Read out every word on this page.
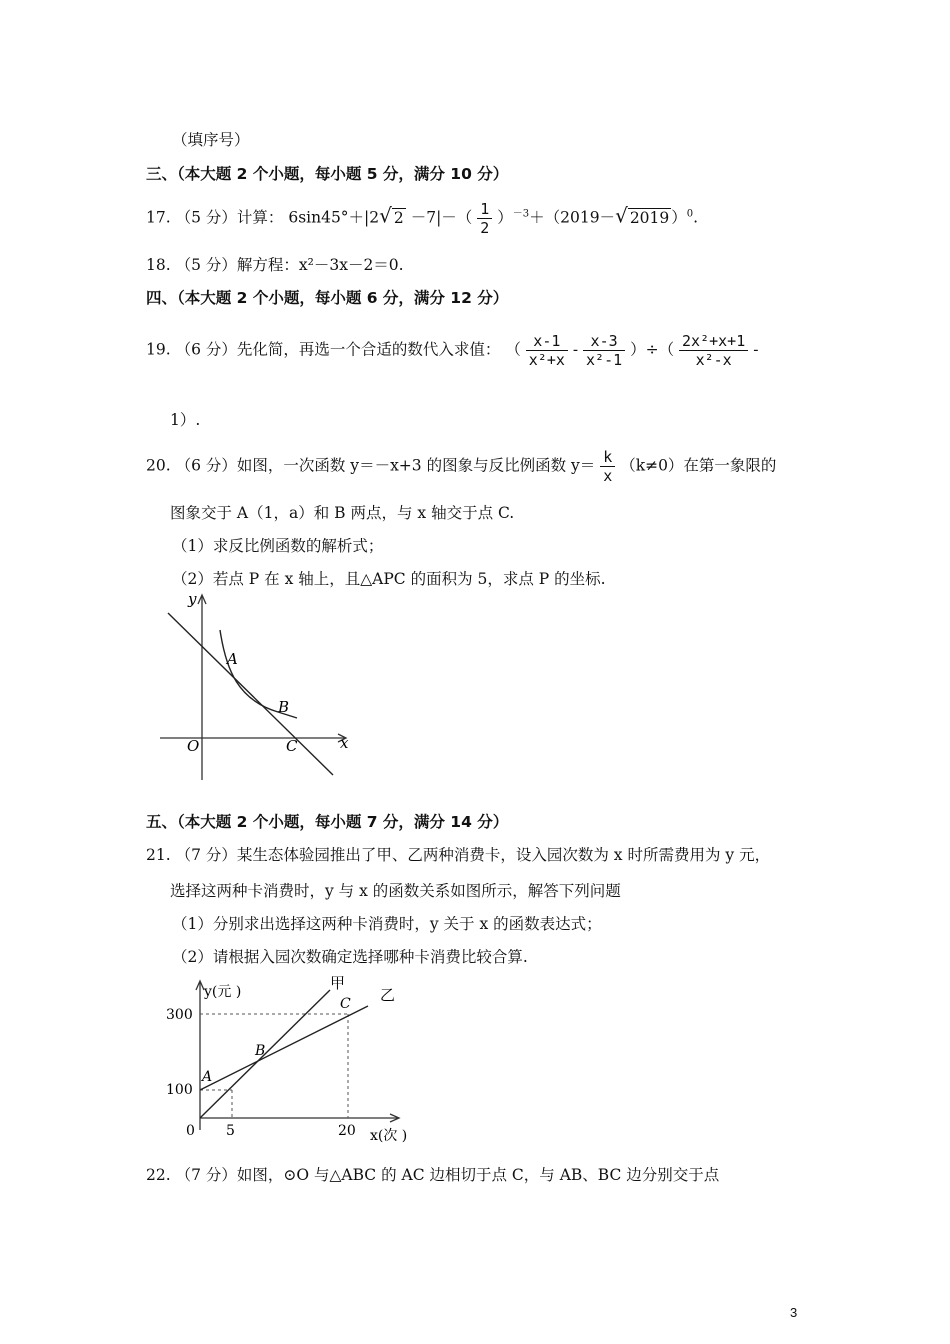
（填序号）
三、（本大题 2 个小题，每小题 5 分，满分 10 分）
17. （5 分）计算： 6sin45°＋|2√ $2 -7|-( \frac{1}{2} )^{-3}+(2019-√$ 2019 ）$^0$.
18. （5 分）解方程：x²－3x－2＝0.
四、（本大题 2 个小题，每小题 6 分，满分 12 分）
19. （6 分）先化简，再选一个合适的数代入求值： （ $\frac{x-1}{\text{x²+x}} - \frac{x-3}{\text{x²-1}}$ ）÷（ $\frac{\text{2x²+x+1}}{\text{x²-x}}$ -
1）.
20. （6 分）如图，一次函数 y＝－x+3 的图象与反比例函数 $y= \frac{k}{x} (k\ne 0)$在第一象限的
图象交于 A（1，a）和 B 两点，与 x 轴交于点 C.
（1）求反比例函数的解析式；
（2）若点 P 在 x 轴上，且△APC 的面积为 5，求点 P 的坐标.
y
x
O
A
B
C
五、（本大题 2 个小题，每小题 7 分，满分 14 分）
21. （7 分）某生态体验园推出了甲、乙两种消费卡，设入园次数为 x 时所需费用为 y 元，
选择这两种卡消费时，y 与 x 的函数关系如图所示，解答下列问题
（1）分别求出选择这两种卡消费时，y 关于 x 的函数表达式；
（2）请根据入园次数确定选择哪种卡消费比较合算.
y(元 )
x(次 )
甲
乙
300
100
0 5	20
A
B
C
22. （7 分）如图，⊙O 与△ABC 的 AC 边相切于点 C，与 AB、BC 边分别交于点
3
